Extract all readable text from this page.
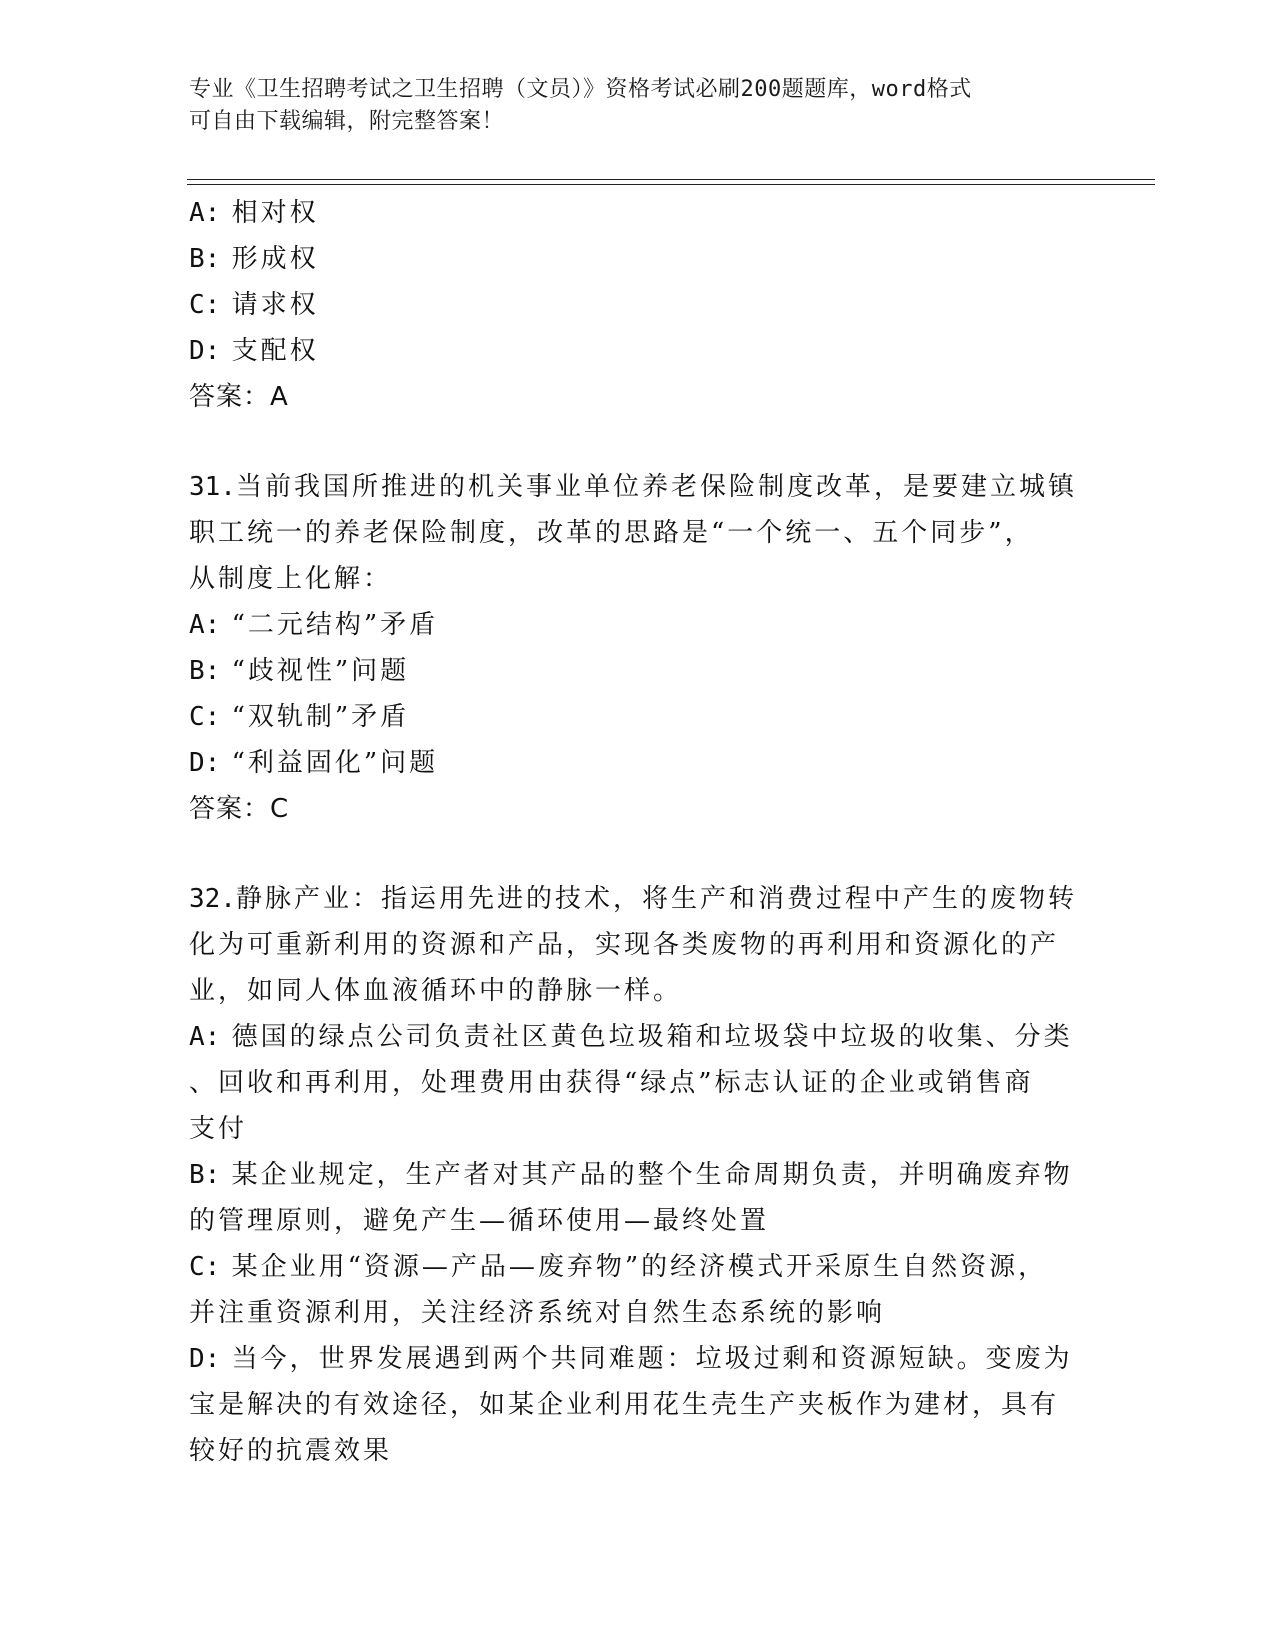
专业《卫生招聘考试之卫生招聘（文员）》资格考试必刷200题题库，word格式
可自由下载编辑，附完整答案！
A: 相对权
B: 形成权
C: 请求权
D: 支配权
答案：A
31.当前我国所推进的机关事业单位养老保险制度改革，是要建立城镇
职工统一的养老保险制度，改革的思路是“一个统一、五个同步”，
从制度上化解：
A: “二元结构”矛盾
B: “歧视性”问题
C: “双轨制”矛盾
D: “利益固化”问题
答案：C
32.静脉产业：指运用先进的技术，将生产和消费过程中产生的废物转
化为可重新利用的资源和产品，实现各类废物的再利用和资源化的产
业，如同人体血液循环中的静脉一样。
A: 德国的绿点公司负责社区黄色垃圾箱和垃圾袋中垃圾的收集、分类
、回收和再利用，处理费用由获得“绿点”标志认证的企业或销售商
支付
B: 某企业规定，生产者对其产品的整个生命周期负责，并明确废弃物
的管理原则，避免产生—循环使用—最终处置
C: 某企业用“资源—产品—废弃物”的经济模式开采原生自然资源，
并注重资源利用，关注经济系统对自然生态系统的影响
D: 当今，世界发展遇到两个共同难题：垃圾过剩和资源短缺。变废为
宝是解决的有效途径，如某企业利用花生壳生产夹板作为建材，具有
较好的抗震效果
